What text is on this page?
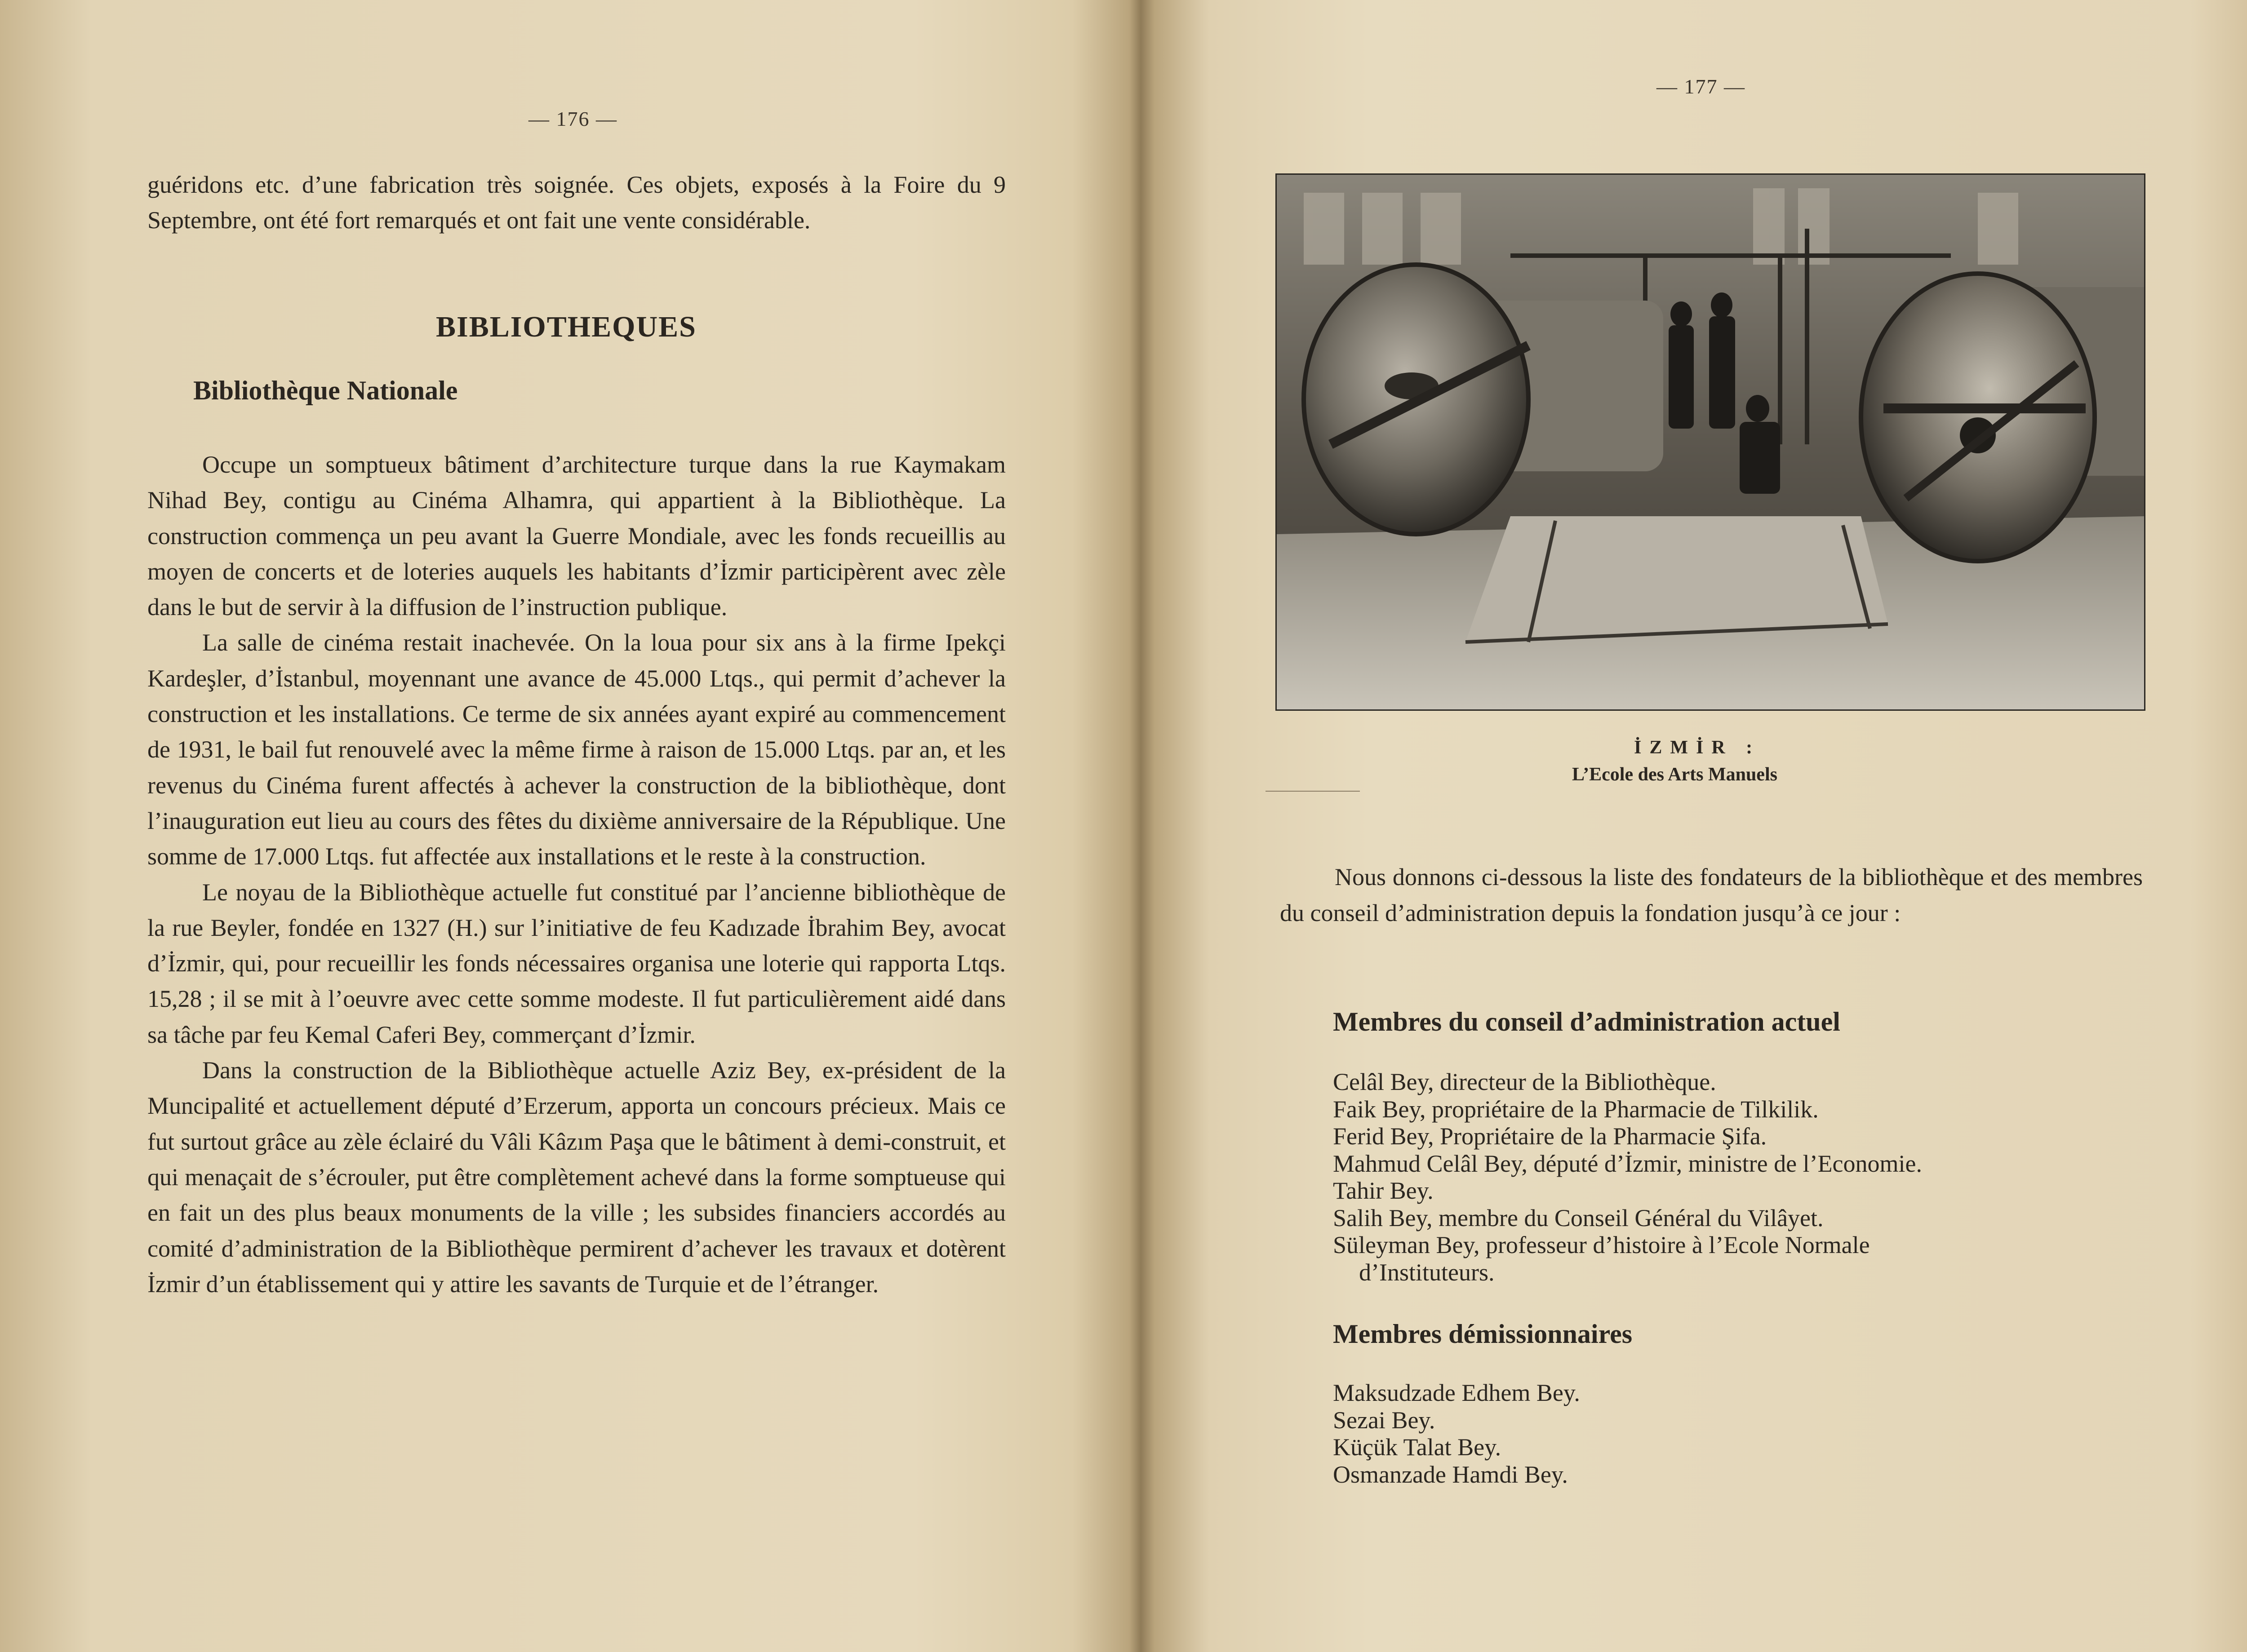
— 176 —

guéridons etc. d’une fabrication très soignée. Ces objets, exposés à la Foire du 9 Septembre, ont été fort remarqués et ont fait une vente considérable.

BIBLIOTHEQUES
Bibliothèque Nationale

Occupe un somptueux bâtiment d’architecture turque dans la rue Kaymakam Nihad Bey, contigu au Cinéma Alhamra, qui appartient à la Bibliothèque. La construction commença un peu avant la Guerre Mondiale, avec les fonds recueillis au moyen de concerts et de loteries auquels les habitants d’İzmir participèrent avec zèle dans le but de servir à la diffusion de l’instruction publique.

La salle de cinéma restait inachevée. On la loua pour six ans à la firme Ipekçi Kardeşler, d’İstanbul, moyennant une avance de 45.000 Ltqs., qui permit d’achever la construction et les installations. Ce terme de six années ayant expiré au commencement de 1931, le bail fut renouvelé avec la même firme à raison de 15.000 Ltqs. par an, et les revenus du Cinéma furent affectés à achever la construction de la bibliothèque, dont l’inauguration eut lieu au cours des fêtes du dixième anniversaire de la République. Une somme de 17.000 Ltqs. fut affectée aux installations et le reste à la construction.

Le noyau de la Bibliothèque actuelle fut constitué par l’ancienne bibliothèque de la rue Beyler, fondée en 1327 (H.) sur l’initiative de feu Kadızade İbrahim Bey, avocat d’İzmir, qui, pour recueillir les fonds nécessaires organisa une loterie qui rapporta Ltqs. 15,28 ; il se mit à l’oeuvre avec cette somme modeste. Il fut particulièrement aidé dans sa tâche par feu Kemal Caferi Bey, commerçant d’İzmir.

Dans la construction de la Bibliothèque actuelle Aziz Bey, ex-président de la Muncipalité et actuellement député d’Erzerum, apporta un concours précieux. Mais ce fut surtout grâce au zèle éclairé du Vâli Kâzım Paşa que le bâtiment à demi-construit, et qui menaçait de s’écrouler, put être complètement achevé dans la forme somptueuse qui en fait un des plus beaux monuments de la ville ; les subsides financiers accordés au comité d’administration de la Bibliothèque permirent d’achever les travaux et dotèrent İzmir d’un établissement qui y attire les savants de Turquie et de l’étranger.

— 177 —
İZMİR :
L’Ecole des Arts Manuels

Nous donnons ci-dessous la liste des fondateurs de la bibliothèque et des membres du conseil d’administration depuis la fondation jusqu’à ce jour :

Membres du conseil d’administration actuel
Celâl Bey, directeur de la Bibliothèque.
Faik Bey, propriétaire de la Pharmacie de Tilkilik.
Ferid Bey, Propriétaire de la Pharmacie Şifa.
Mahmud Celâl Bey, député d’İzmir, ministre de l’Economie.
Tahir Bey.
Salih Bey, membre du Conseil Général du Vilâyet.
Süleyman Bey, professeur d’histoire à l’Ecole Normale
d’Instituteurs.
Membres démissionnaires
Maksudzade Edhem Bey.
Sezai Bey.
Küçük Talat Bey.
Osmanzade Hamdi Bey.
